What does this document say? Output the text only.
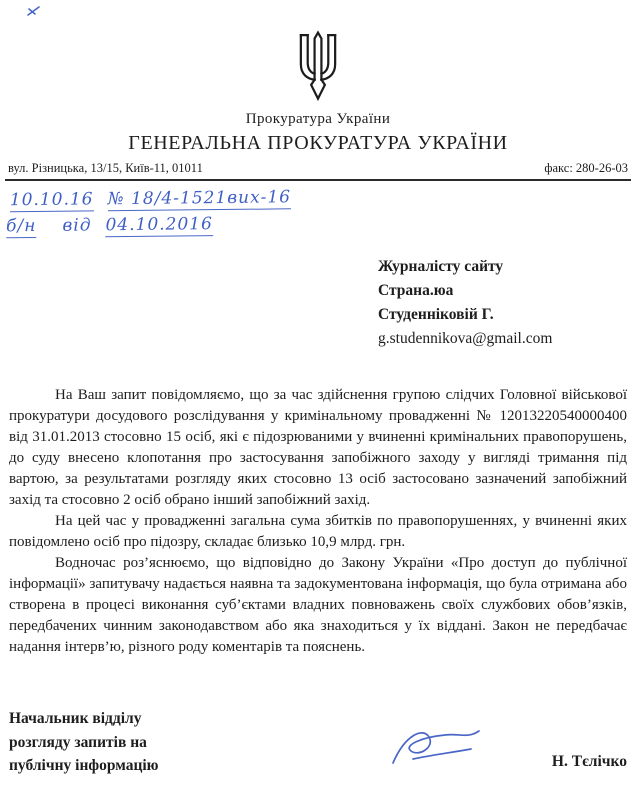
Прокуратура України
ГЕНЕРАЛЬНА ПРОКУРАТУРА УКРАЇНИ
вул. Різницька, 13/15, Київ-11, 01011	факс: 280-26-03
10.10.16 № 18/4-1521вих-16
б/н від 04.10.2016
Журналісту сайту
Страна.юа
Студенніковій Г.
g.studennikova@gmail.com

На Ваш запит повідомляємо, що за час здійснення групою слідчих Головної військової прокуратури досудового розслідування у кримінальному провадженні № 12013220540000400 від 31.01.2013 стосовно 15 осіб, які є підозрюваними у вчиненні кримінальних правопорушень, до суду внесено клопотання про застосування запобіжного заходу у вигляді тримання під вартою, за результатами розгляду яких стосовно 13 осіб застосовано зазначений запобіжний захід та стосовно 2 осіб обрано інший запобіжний захід.

На цей час у провадженні загальна сума збитків по правопорушеннях, у вчиненні яких повідомлено осіб про підозру, складає близько 10,9 млрд. грн.

Водночас роз’яснюємо, що відповідно до Закону України «Про доступ до публічної інформації» запитувачу надається наявна та задокументована інформація, що була отримана або створена в процесі виконання суб’єктами владних повноважень своїх службових обов’язків, передбачених чинним законодавством або яка знаходиться у їх віддані. Закон не передбачає надання інтерв’ю, різного роду коментарів та пояснень.

Начальник відділу
розгляду запитів на
публічну інформацію	Н. Тєлічко
